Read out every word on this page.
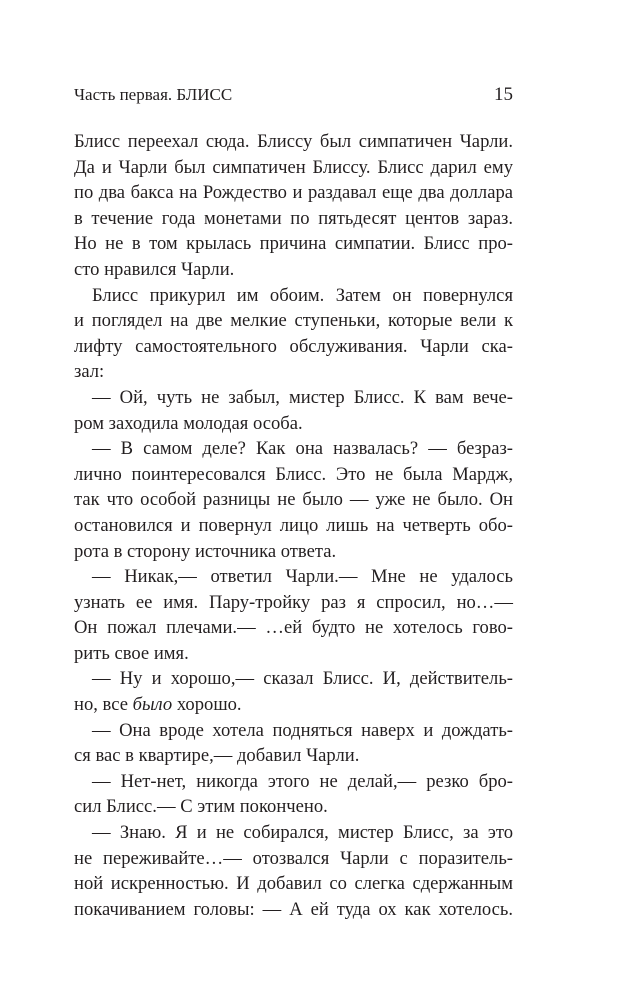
Часть первая. БЛИСС	15
Блисс переехал сюда. Блиссу был симпатичен Чарли.
Да и Чарли был симпатичен Блиссу. Блисс дарил ему
по два бакса на Рождество и раздавал еще два доллара
в течение года монетами по пятьдесят центов зараз.
Но не в том крылась причина симпатии. Блисс про-
сто нравился Чарли.
Блисс прикурил им обоим. Затем он повернулся
и поглядел на две мелкие ступеньки, которые вели к
лифту самостоятельного обслуживания. Чарли ска-
зал:
— Ой, чуть не забыл, мистер Блисс. К вам вече-
ром заходила молодая особа.
— В самом деле? Как она назвалась? — безраз-
лично поинтересовался Блисс. Это не была Мардж,
так что особой разницы не было — уже не было. Он
остановился и повернул лицо лишь на четверть обо-
рота в сторону источника ответа.
— Никак,— ответил Чарли.— Мне не удалось
узнать ее имя. Пару-тройку раз я спросил, но…—
Он пожал плечами.— …ей будто не хотелось гово-
рить свое имя.
— Ну и хорошо,— сказал Блисс. И, действитель-
но, все было хорошо.
— Она вроде хотела подняться наверх и дождать-
ся вас в квартире,— добавил Чарли.
— Нет-нет, никогда этого не делай,— резко бро-
сил Блисс.— С этим покончено.
— Знаю. Я и не собирался, мистер Блисс, за это
не переживайте…— отозвался Чарли с поразитель-
ной искренностью. И добавил со слегка сдержанным
покачиванием головы: — А ей туда ох как хотелось.
